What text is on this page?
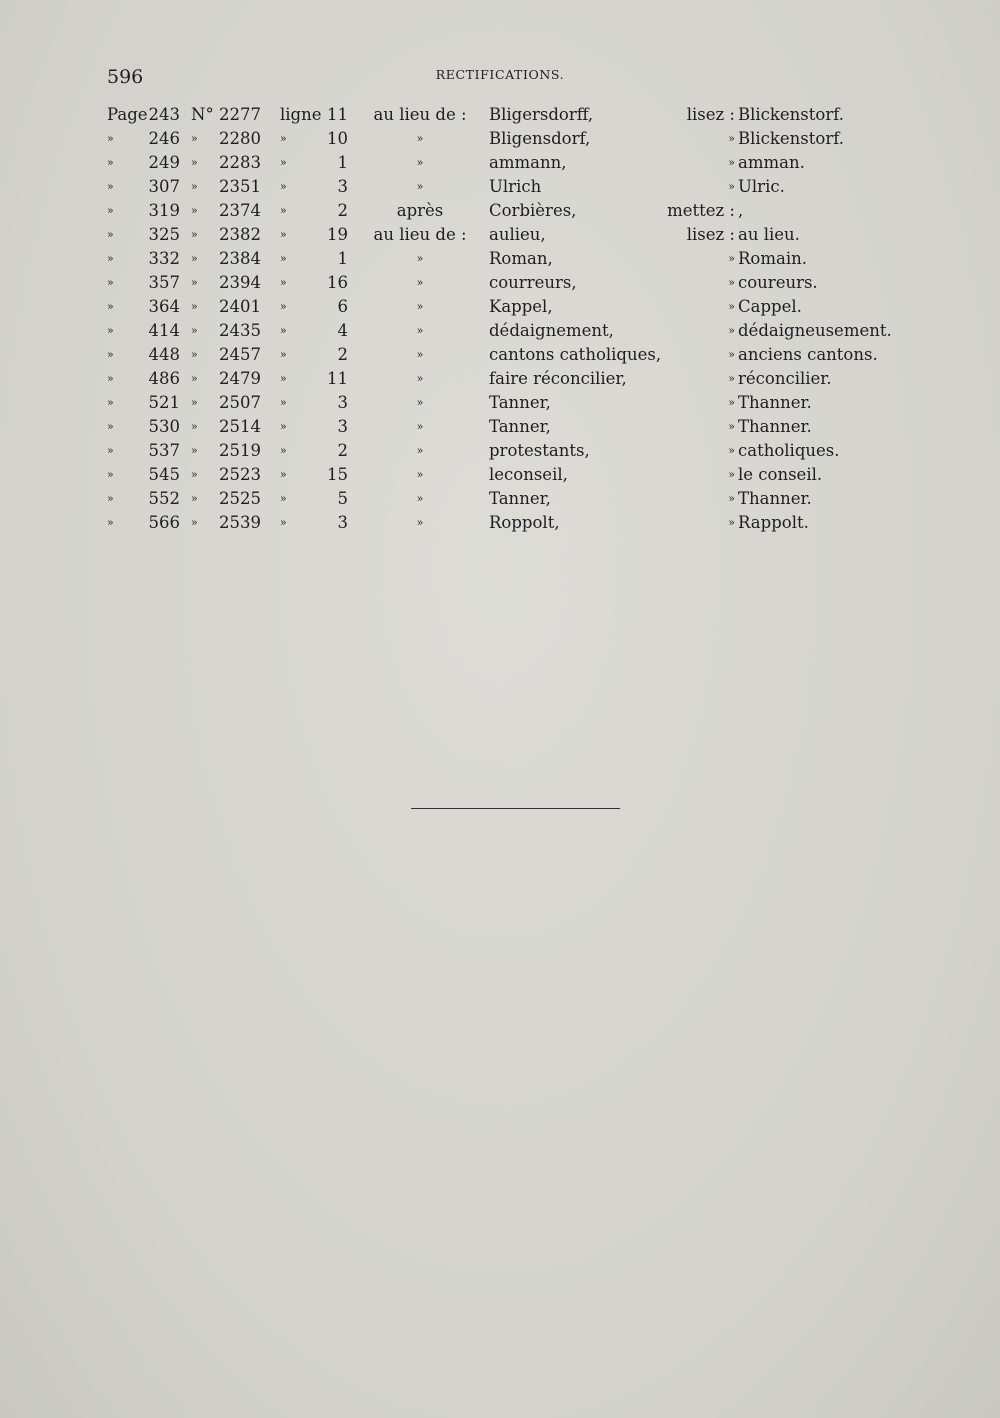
596	RECTIFICATIONS.
Page 243 N° 2277 ligne 11	au lieu de :	Bligersdorff,	lisez : Blickenstorf.
»	246 »	2280 »	10	»	Bligensdorf,	» Blickenstorf.
»	249 »	2283 »	1	»	ammann,	» amman.
»	307 »	2351 »	3	»	Ulrich	» Ulric.
»	319 »	2374 »	2	après	Corbières,	mettez : ,
»	325 »	2382 »	19	au lieu de :	aulieu,	lisez : au lieu.
»	332 »	2384 »	1	»	Roman,	» Romain.
»	357 »	2394 »	16	»	courreurs,	» coureurs.
»	364 »	2401 »	6	»	Kappel,	» Cappel.
»	414 »	2435 »	4	»	dédaignement,	» dédaigneusement.
»	448 »	2457 »	2	»	cantons catholiques,	» anciens cantons.
»	486 »	2479 »	11	»	faire réconcilier,	» réconcilier.
»	521 »	2507 »	3	»	Tanner,	» Thanner.
»	530 »	2514 »	3	»	Tanner,	» Thanner.
»	537 »	2519 »	2	»	protestants,	» catholiques.
»	545 »	2523 »	15	»	leconseil,	» le conseil.
»	552 »	2525 »	5	»	Tanner,	» Thanner.
»	566 »	2539 »	3	»	Roppolt,	» Rappolt.
